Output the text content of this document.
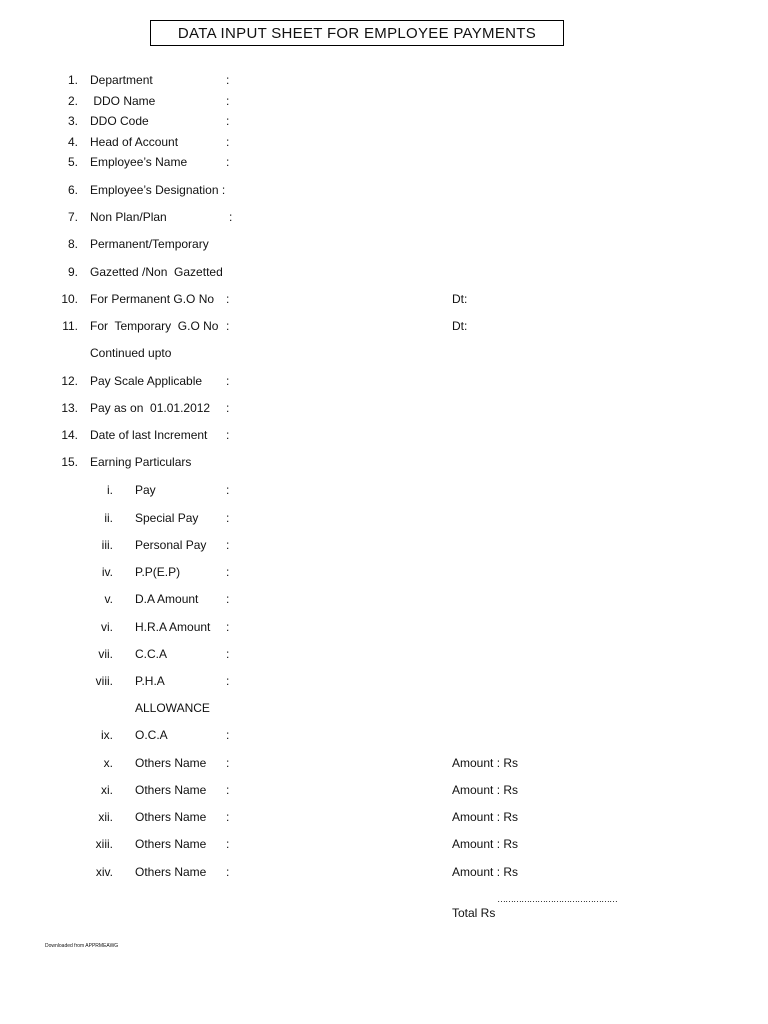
DATA INPUT SHEET FOR EMPLOYEE PAYMENTS
1. Department	:
2. DDO Name	:
3. DDO Code	:
4. Head of Account	:
5. Employee’s Name	:
6. Employee’s Designation :
7. Non Plan/Plan	:
8. Permanent/Temporary
9. Gazetted /Non  Gazetted
10. For Permanent G.O No :	Dt:
11. For  Temporary  G.O No :	Dt:
Continued upto
12. Pay Scale Applicable :
13. Pay as on  01.01.2012 :
14. Date of last Increment :
15. Earning Particulars
i. Pay	:
ii. Special Pay :
iii. Personal Pay :
iv. P.P(E.P)	:
v. D.A Amount :
vi. H.R.A Amount :
vii. C.C.A	:
viii. P.H.A	:
ALLOWANCE
ix. O.C.A	:
x. Others Name :	Amount : Rs
xi. Others Name :	Amount : Rs
xii. Others Name :	Amount : Rs
xiii. Others Name :	Amount : Rs
xiv. Others Name :	Amount : Rs
………………………………………
Total Rs
Downloaded from APPRMEAWG
